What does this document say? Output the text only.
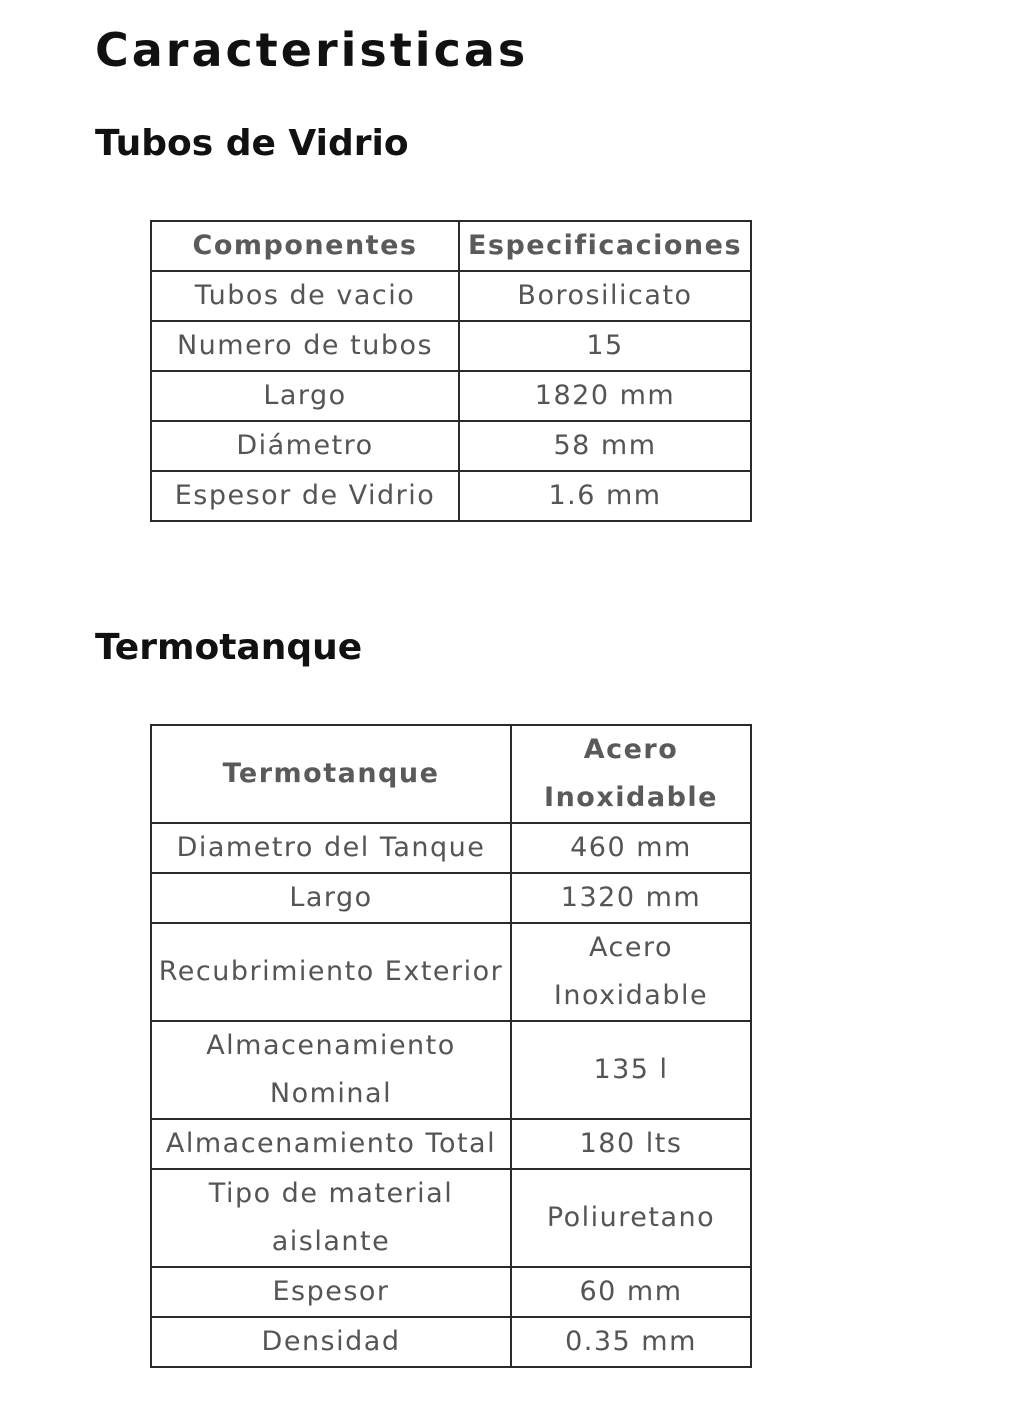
Caracteristicas
Tubos de Vidrio
Componentes	Especificaciones
Tubos de vacio	Borosilicato
Numero de tubos	15
Largo	1820 mm
Diámetro	58 mm
Espesor de Vidrio	1.6 mm
Termotanque
Termotanque	Acero Inoxidable
Diametro del Tanque	460 mm
Largo	1320 mm
Recubrimiento Exterior	Acero Inoxidable
Almacenamiento Nominal	135 l
Almacenamiento Total	180 lts
Tipo de material aislante	Poliuretano
Espesor	60 mm
Densidad	0.35 mm
